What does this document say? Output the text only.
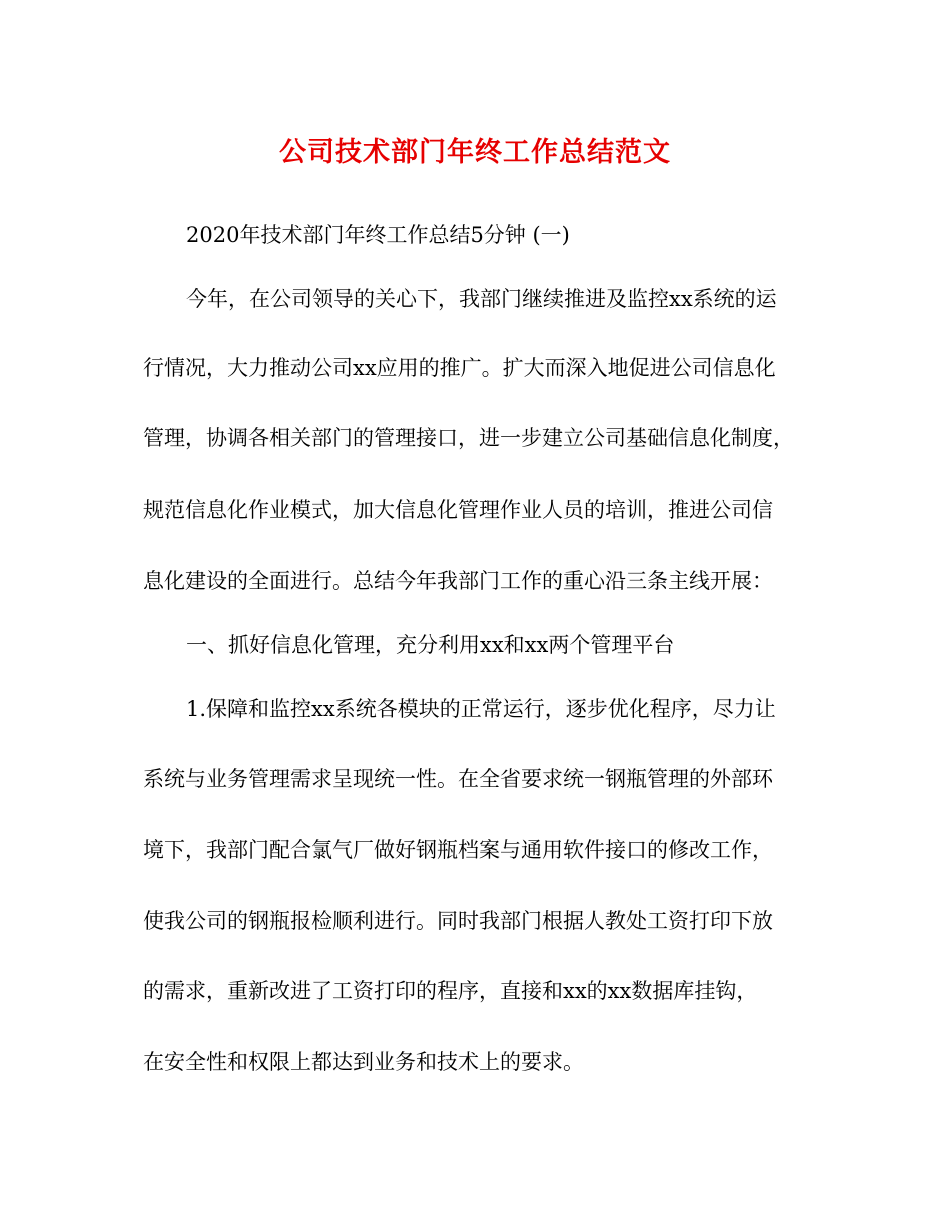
公司技术部门年终工作总结范文
2020年技术部门年终工作总结5分钟 (一)
今年，在公司领导的关心下，我部门继续推进及监控xx系统的运
行情况，大力推动公司xx应用的推广。扩大而深入地促进公司信息化
管理，协调各相关部门的管理接口，进一步建立公司基础信息化制度，
规范信息化作业模式，加大信息化管理作业人员的培训，推进公司信
息化建设的全面进行。总结今年我部门工作的重心沿三条主线开展：
一、抓好信息化管理，充分利用xx和xx两个管理平台
1.保障和监控xx系统各模块的正常运行，逐步优化程序，尽力让
系统与业务管理需求呈现统一性。在全省要求统一钢瓶管理的外部环
境下，我部门配合氯气厂做好钢瓶档案与通用软件接口的修改工作，
使我公司的钢瓶报检顺利进行。同时我部门根据人教处工资打印下放
的需求，重新改进了工资打印的程序，直接和xx的xx数据库挂钩，
在安全性和权限上都达到业务和技术上的要求。
